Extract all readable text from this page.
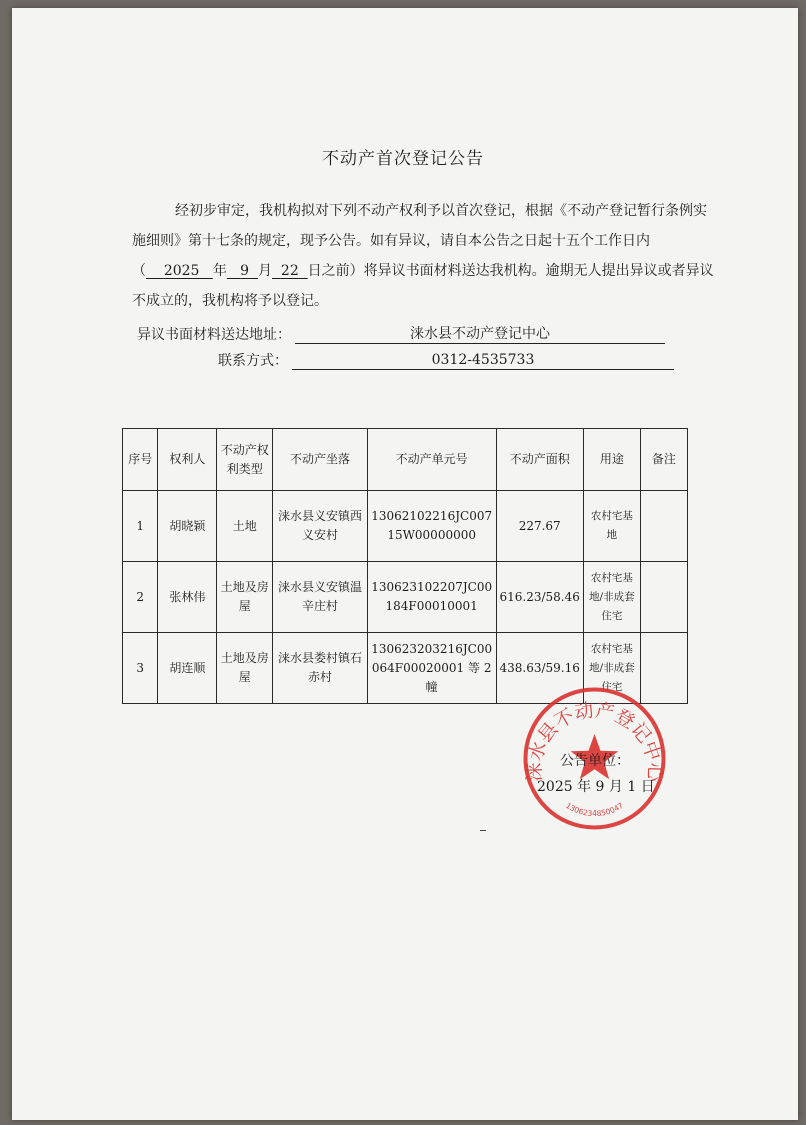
不动产首次登记公告

经初步审定，我机构拟对下列不动产权利予以首次登记，根据《不动产登记暂行条例实施细则》第十七条的规定，现予公告。如有异议，请自本公告之日起十五个工作日内（ 2025 年 9 月 22 日之前）将异议书面材料送达我机构。逾期无人提出异议或者异议不成立的，我机构将予以登记。

异议书面材料送达地址：	涞水县不动产登记中心
联系方式：	0312-4535733
序号	权利人	不动产权利类型	不动产坐落	不动产单元号	不动产面积	用途	备注
1	胡晓颖	土地	涞水县义安镇西义安村	13062102216JC00715W00000000	227.67	农村宅基地	
2	张林伟	土地及房屋	涞水县义安镇温辛庄村	130623102207JC00184F00010001	616.23/58.46	农村宅基地/非成套住宅	
3	胡连顺	土地及房屋	涞水县娄村镇石赤村	130623203216JC00064F00020001 等 2 幢	438.63/59.16	农村宅基地/非成套住宅	
涞水县不动产登记中心
1306234850047
公告单位：
2025 年 9 月 1 日
